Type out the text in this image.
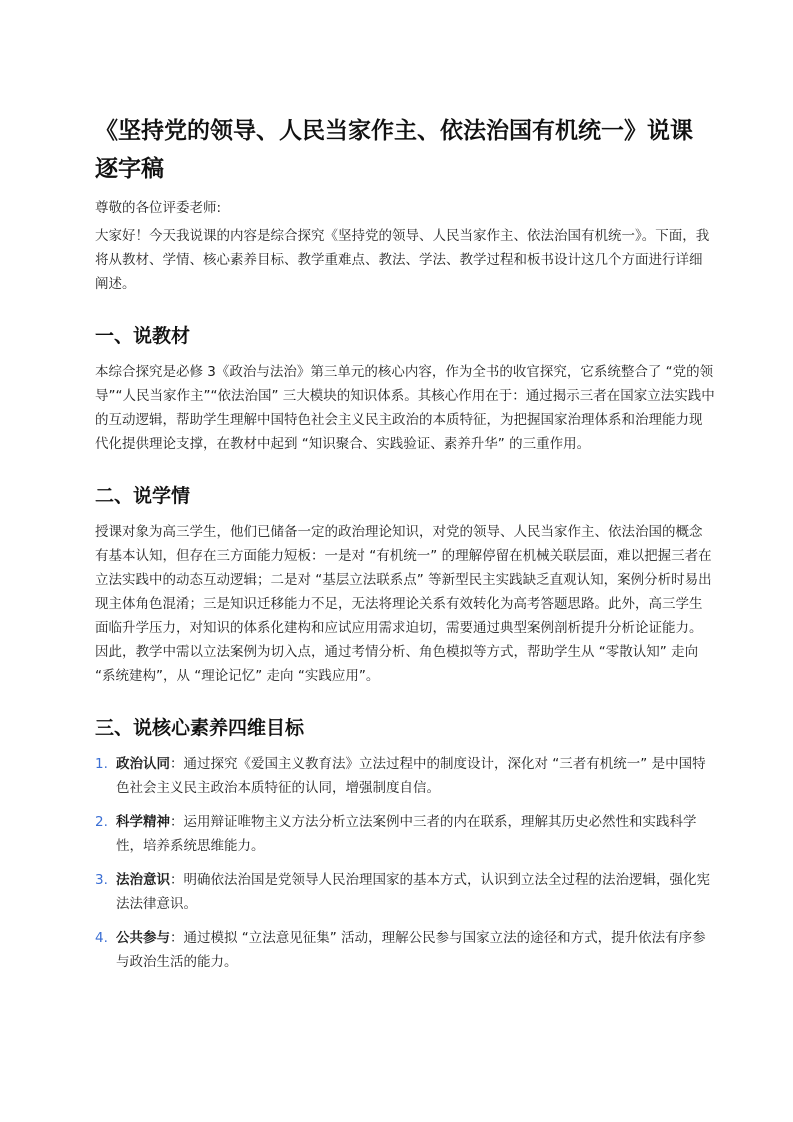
《坚持党的领导、人民当家作主、依法治国有机统一》说课逐字稿

尊敬的各位评委老师:

大家好！今天我说课的内容是综合探究《坚持党的领导、人民当家作主、依法治国有机统一》。下面，我将从教材、学情、核心素养目标、教学重难点、教法、学法、教学过程和板书设计这几个方面进行详细阐述。

一、说教材

本综合探究是必修 3《政治与法治》第三单元的核心内容，作为全书的收官探究，它系统整合了 “党的领导”“人民当家作主”“依法治国” 三大模块的知识体系。其核心作用在于：通过揭示三者在国家立法实践中的互动逻辑，帮助学生理解中国特色社会主义民主政治的本质特征，为把握国家治理体系和治理能力现代化提供理论支撑，在教材中起到 “知识聚合、实践验证、素养升华” 的三重作用。

二、说学情

授课对象为高三学生，他们已储备一定的政治理论知识，对党的领导、人民当家作主、依法治国的概念有基本认知，但存在三方面能力短板：一是对 “有机统一” 的理解停留在机械关联层面，难以把握三者在立法实践中的动态互动逻辑；二是对 “基层立法联系点” 等新型民主实践缺乏直观认知，案例分析时易出现主体角色混淆；三是知识迁移能力不足，无法将理论关系有效转化为高考答题思路。此外，高三学生面临升学压力，对知识的体系化建构和应试应用需求迫切，需要通过典型案例剖析提升分析论证能力。因此，教学中需以立法案例为切入点，通过考情分析、角色模拟等方式，帮助学生从 “零散认知” 走向 “系统建构”，从 “理论记忆” 走向 “实践应用”。

三、说核心素养四维目标
1. 政治认同：通过探究《爱国主义教育法》立法过程中的制度设计，深化对 “三者有机统一” 是中国特色社会主义民主政治本质特征的认同，增强制度自信。
2. 科学精神：运用辩证唯物主义方法分析立法案例中三者的内在联系，理解其历史必然性和实践科学性，培养系统思维能力。
3. 法治意识：明确依法治国是党领导人民治理国家的基本方式，认识到立法全过程的法治逻辑，强化宪法法律意识。
4. 公共参与：通过模拟 “立法意见征集” 活动，理解公民参与国家立法的途径和方式，提升依法有序参与政治生活的能力。
